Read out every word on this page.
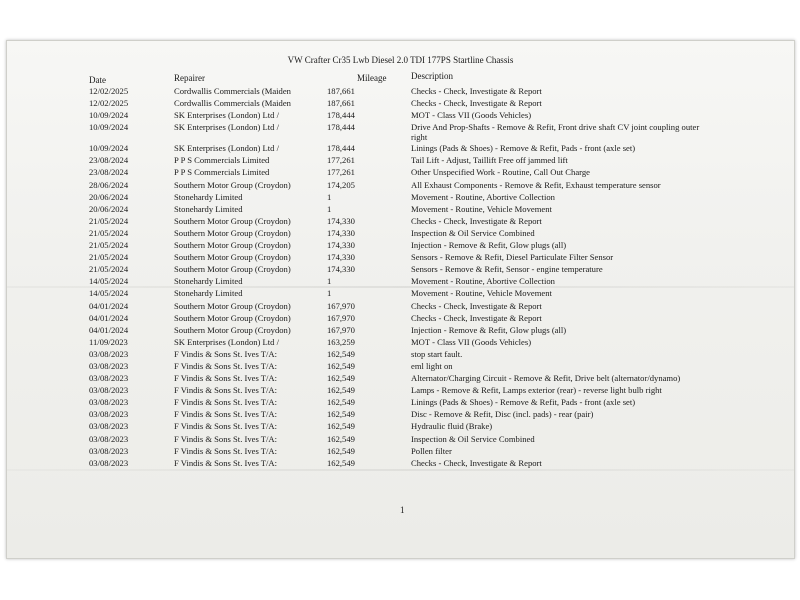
VW Crafter Cr35 Lwb Diesel 2.0 TDI 177PS Startline Chassis
Date	Repairer	Mileage	Description
12/02/2025	Cordwallis Commercials (Maiden	187,661	Checks - Check, Investigate & Report
12/02/2025	Cordwallis Commercials (Maiden	187,661	Checks - Check, Investigate & Report
10/09/2024	SK Enterprises (London) Ltd /	178,444	MOT - Class VII (Goods Vehicles)
10/09/2024	SK Enterprises (London) Ltd /	178,444	Drive And Prop-Shafts - Remove & Refit, Front drive shaft CV joint coupling outer right
10/09/2024	SK Enterprises (London) Ltd /	178,444	Linings (Pads & Shoes) - Remove & Refit, Pads - front (axle set)
23/08/2024	P P S Commercials Limited	177,261	Tail Lift - Adjust, Taillift Free off jammed lift
23/08/2024	P P S Commercials Limited	177,261	Other Unspecified Work - Routine, Call Out Charge
28/06/2024	Southern Motor Group (Croydon)	174,205	All Exhaust Components - Remove & Refit, Exhaust temperature sensor
20/06/2024	Stonehardy Limited	1	Movement - Routine, Abortive Collection
20/06/2024	Stonehardy Limited	1	Movement - Routine, Vehicle Movement
21/05/2024	Southern Motor Group (Croydon)	174,330	Checks - Check, Investigate & Report
21/05/2024	Southern Motor Group (Croydon)	174,330	Inspection & Oil Service Combined
21/05/2024	Southern Motor Group (Croydon)	174,330	Injection - Remove & Refit, Glow plugs (all)
21/05/2024	Southern Motor Group (Croydon)	174,330	Sensors - Remove & Refit, Diesel Particulate Filter Sensor
21/05/2024	Southern Motor Group (Croydon)	174,330	Sensors - Remove & Refit, Sensor - engine temperature
14/05/2024	Stonehardy Limited	1	Movement - Routine, Abortive Collection
14/05/2024	Stonehardy Limited	1	Movement - Routine, Vehicle Movement
04/01/2024	Southern Motor Group (Croydon)	167,970	Checks - Check, Investigate & Report
04/01/2024	Southern Motor Group (Croydon)	167,970	Checks - Check, Investigate & Report
04/01/2024	Southern Motor Group (Croydon)	167,970	Injection - Remove & Refit, Glow plugs (all)
11/09/2023	SK Enterprises (London) Ltd /	163,259	MOT - Class VII (Goods Vehicles)
03/08/2023	F Vindis & Sons St. Ives T/A:	162,549	stop start fault.
03/08/2023	F Vindis & Sons St. Ives T/A:	162,549	eml light on
03/08/2023	F Vindis & Sons St. Ives T/A:	162,549	Alternator/Charging Circuit - Remove & Refit, Drive belt (alternator/dynamo)
03/08/2023	F Vindis & Sons St. Ives T/A:	162,549	Lamps - Remove & Refit, Lamps exterior (rear) - reverse light bulb right
03/08/2023	F Vindis & Sons St. Ives T/A:	162,549	Linings (Pads & Shoes) - Remove & Refit, Pads - front (axle set)
03/08/2023	F Vindis & Sons St. Ives T/A:	162,549	Disc - Remove & Refit, Disc (incl. pads) - rear (pair)
03/08/2023	F Vindis & Sons St. Ives T/A:	162,549	Hydraulic fluid (Brake)
03/08/2023	F Vindis & Sons St. Ives T/A:	162,549	Inspection & Oil Service Combined
03/08/2023	F Vindis & Sons St. Ives T/A:	162,549	Pollen filter
03/08/2023	F Vindis & Sons St. Ives T/A:	162,549	Checks - Check, Investigate & Report
1
